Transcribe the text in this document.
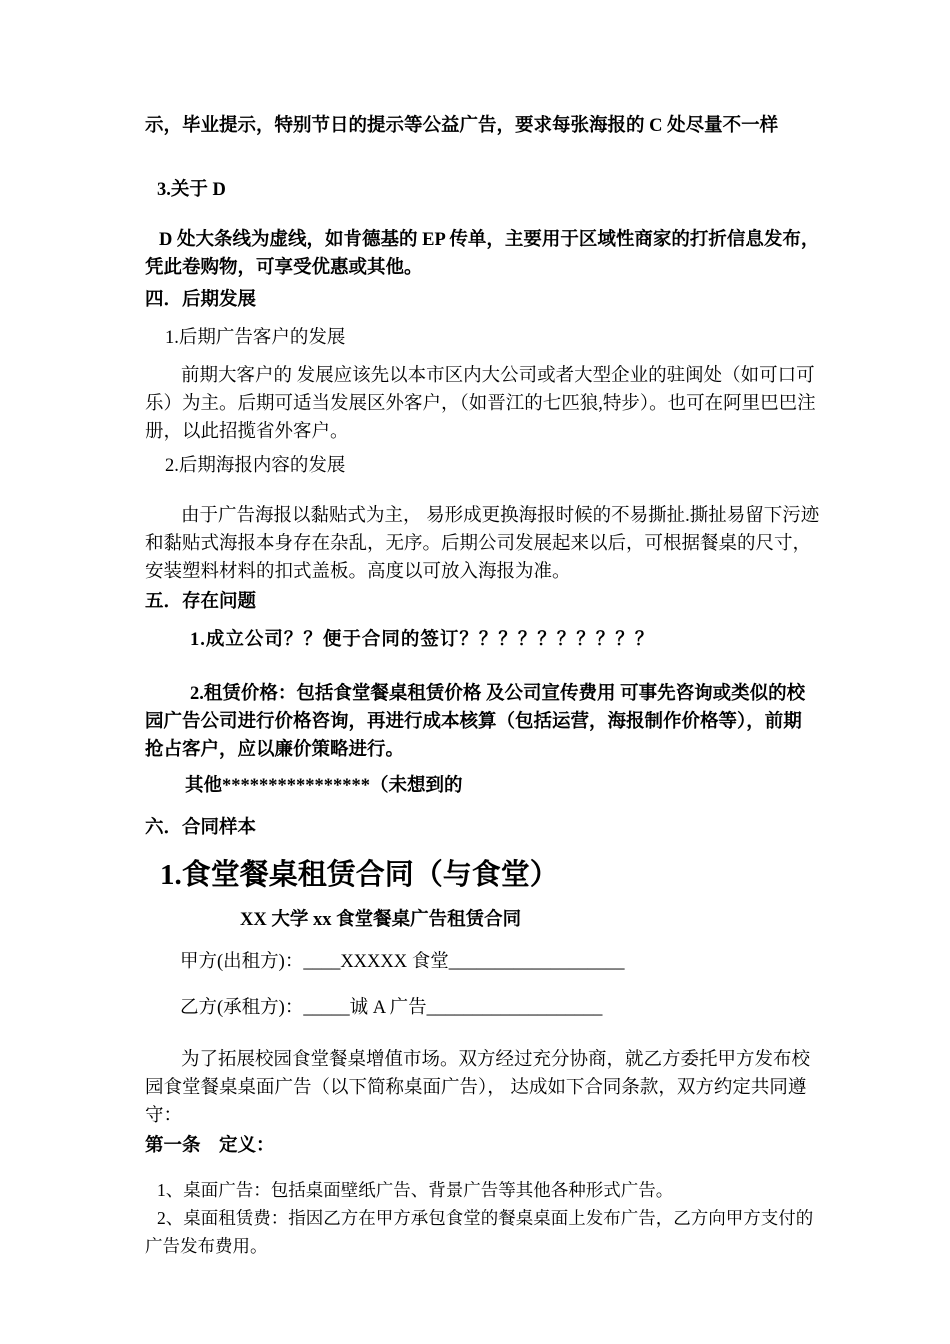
示，毕业提示，特别节日的提示等公益广告，要求每张海报的 C 处尽量不一样

3.关于 D

D 处大条线为虚线，如肯德基的 EP 传单，主要用于区域性商家的打折信息发布，凭此卷购物，可享受优惠或其他。

四．后期发展

1.后期广告客户的发展

前期大客户的 发展应该先以本市区内大公司或者大型企业的驻闽处（如可口可乐）为主。后期可适当发展区外客户，（如晋江的七匹狼,特步）。也可在阿里巴巴注册，以此招揽省外客户。

2.后期海报内容的发展

由于广告海报以黏贴式为主， 易形成更换海报时候的不易撕扯.撕扯易留下污迹和黏贴式海报本身存在杂乱，无序。后期公司发展起来以后，可根据餐桌的尺寸， 安装塑料材料的扣式盖板。高度以可放入海报为准。

五．存在问题

1.成立公司？？便于合同的签订？？？？？？？？？？

2.租赁价格：包括食堂餐桌租赁价格 及公司宣传费用 可事先咨询或类似的校园广告公司进行价格咨询，再进行成本核算（包括运营，海报制作价格等），前期抢占客户，应以廉价策略进行。

其他****************（未想到的

六．合同样本

1.食堂餐桌租赁合同（与食堂）

XX 大学 xx 食堂餐桌广告租赁合同

甲方(出租方)：____XXXXX 食堂___________________

乙方(承租方)：_____诚 A 广告___________________

为了拓展校园食堂餐桌增值市场。双方经过充分协商，就乙方委托甲方发布校园食堂餐桌桌面广告（以下简称桌面广告）， 达成如下合同条款，双方约定共同遵守：

第一条　定义：

1、桌面广告：包括桌面壁纸广告、背景广告等其他各种形式广告。

2、桌面租赁费：指因乙方在甲方承包食堂的餐桌桌面上发布广告，乙方向甲方支付的广告发布费用。
